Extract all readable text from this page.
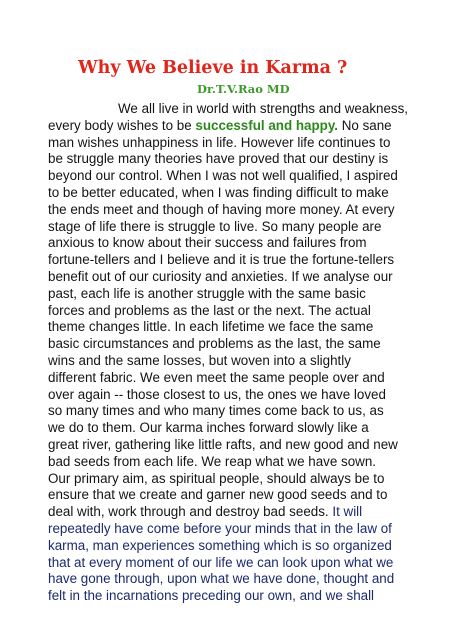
Why We Believe in Karma ?
Dr.T.V.Rao MD
We all live in world with strengths and weakness,
every body wishes to be successful and happy. No sane
man wishes unhappiness in life. However life continues to
be struggle many theories have proved that our destiny is
beyond our control. When I was not well qualified, I aspired
to be better educated, when I was finding difficult to make
the ends meet and though of having more money. At every
stage of life there is struggle to live. So many people are
anxious to know about their success and failures from
fortune-tellers and I believe and it is true the fortune-tellers
benefit out of our curiosity and anxieties. If we analyse our
past, each life is another struggle with the same basic
forces and problems as the last or the next. The actual
theme changes little. In each lifetime we face the same
basic circumstances and problems as the last, the same
wins and the same losses, but woven into a slightly
different fabric. We even meet the same people over and
over again -- those closest to us, the ones we have loved
so many times and who many times come back to us, as
we do to them. Our karma inches forward slowly like a
great river, gathering like little rafts, and new good and new
bad seeds from each life. We reap what we have sown.
Our primary aim, as spiritual people, should always be to
ensure that we create and garner new good seeds and to
deal with, work through and destroy bad seeds. It will
repeatedly have come before your minds that in the law of
karma, man experiences something which is so organized
that at every moment of our life we can look upon what we
have gone through, upon what we have done, thought and
felt in the incarnations preceding our own, and we shall
